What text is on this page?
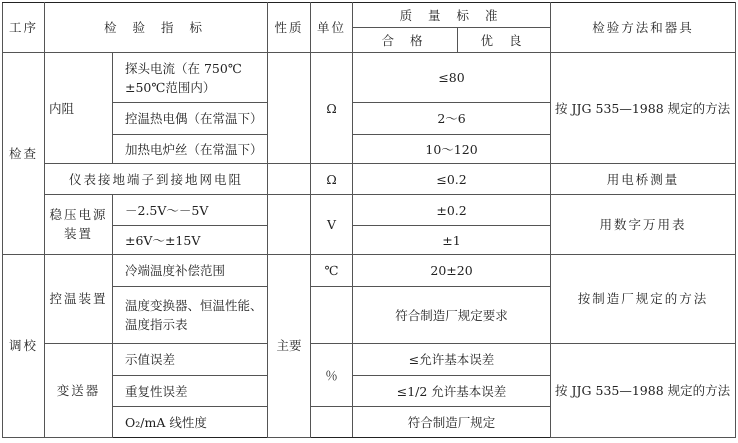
工序	检 验 指 标		性质	单位	质 量 标 准		检验方法和器具
					合 格	优 良	
检查	内阻	探头电流（在 750℃±50℃范围内）		Ω	≤80		按 JJG 535—1988 规定的方法
		控温热电偶（在常温下）			2～6		
		加热电炉丝（在常温下）			10～120		
	仪表接地端子到接地网电阻			Ω	≤0.2		用电桥测量
	稳压电源装置	－2.5V～－5V		V	±0.2		用数字万用表
		±6V～±15V			±1		
调校	控温装置	冷端温度补偿范围	主要	℃	20±20		按制造厂规定的方法
		温度变换器、恒温性能、温度指示表			符合制造厂规定要求		
	变送器	示值误差		％	≤允许基本误差		按 JJG 535—1988 规定的方法
		重复性误差			≤1/2 允许基本误差		
		O₂/mA 线性度			符合制造厂规定		
